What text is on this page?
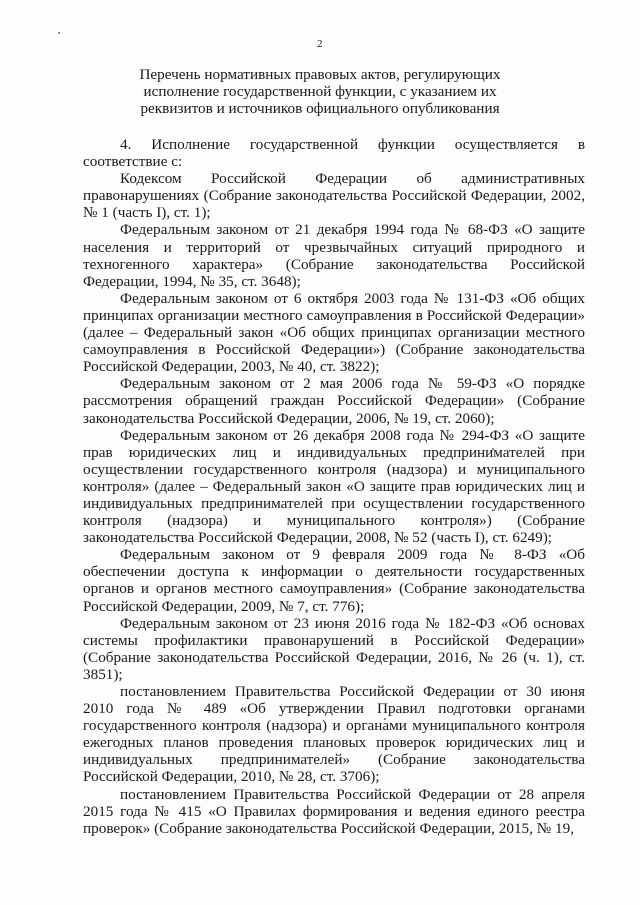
2
Перечень нормативных правовых актов, регулирующих исполнение государственной функции, с указанием их реквизитов и источников официального опубликования

4. Исполнение государственной функции осуществляется в соответствие с:

Кодексом Российской Федерации об административных правонарушениях (Собрание законодательства Российской Федерации, 2002, № 1 (часть I), ст. 1);

Федеральным законом от 21 декабря 1994 года № 68-ФЗ «О защите населения и территорий от чрезвычайных ситуаций природного и техногенного характера» (Собрание законодательства Российской Федерации, 1994, № 35, ст. 3648);

Федеральным законом от 6 октября 2003 года № 131-ФЗ «Об общих принципах организации местного самоуправления в Российской Федерации» (далее – Федеральный закон «Об общих принципах организации местного самоуправления в Российской Федерации») (Собрание законодательства Российской Федерации, 2003, № 40, ст. 3822);

Федеральным законом от 2 мая 2006 года № 59-ФЗ «О порядке рассмотрения обращений граждан Российской Федерации» (Собрание законодательства Российской Федерации, 2006, № 19, ст. 2060);

Федеральным законом от 26 декабря 2008 года № 294-ФЗ «О защите прав юридических лиц и индивидуальных предпринимателей при осуществлении государственного контроля (надзора) и муниципального контроля» (далее – Федеральный закон «О защите прав юридических лиц и индивидуальных предпринимателей при осуществлении государственного контроля (надзора) и муниципального контроля») (Собрание законодательства Российской Федерации, 2008, № 52 (часть I), ст. 6249);

Федеральным законом от 9 февраля 2009 года № 8-ФЗ «Об обеспечении доступа к информации о деятельности государственных органов и органов местного самоуправления» (Собрание законодательства Российской Федерации, 2009, № 7, ст. 776);

Федеральным законом от 23 июня 2016 года № 182-ФЗ «Об основах системы профилактики правонарушений в Российской Федерации» (Собрание законодательства Российской Федерации, 2016, № 26 (ч. 1), ст. 3851);

постановлением Правительства Российской Федерации от 30 июня 2010 года № 489 «Об утверждении Правил подготовки органами государственного контроля (надзора) и органами муниципального контроля ежегодных планов проведения плановых проверок юридических лиц и индивидуальных предпринимателей» (Собрание законодательства Российской Федерации, 2010, № 28, ст. 3706);

постановлением Правительства Российской Федерации от 28 апреля 2015 года № 415 «О Правилах формирования и ведения единого реестра проверок» (Собрание законодательства Российской Федерации, 2015, № 19,
